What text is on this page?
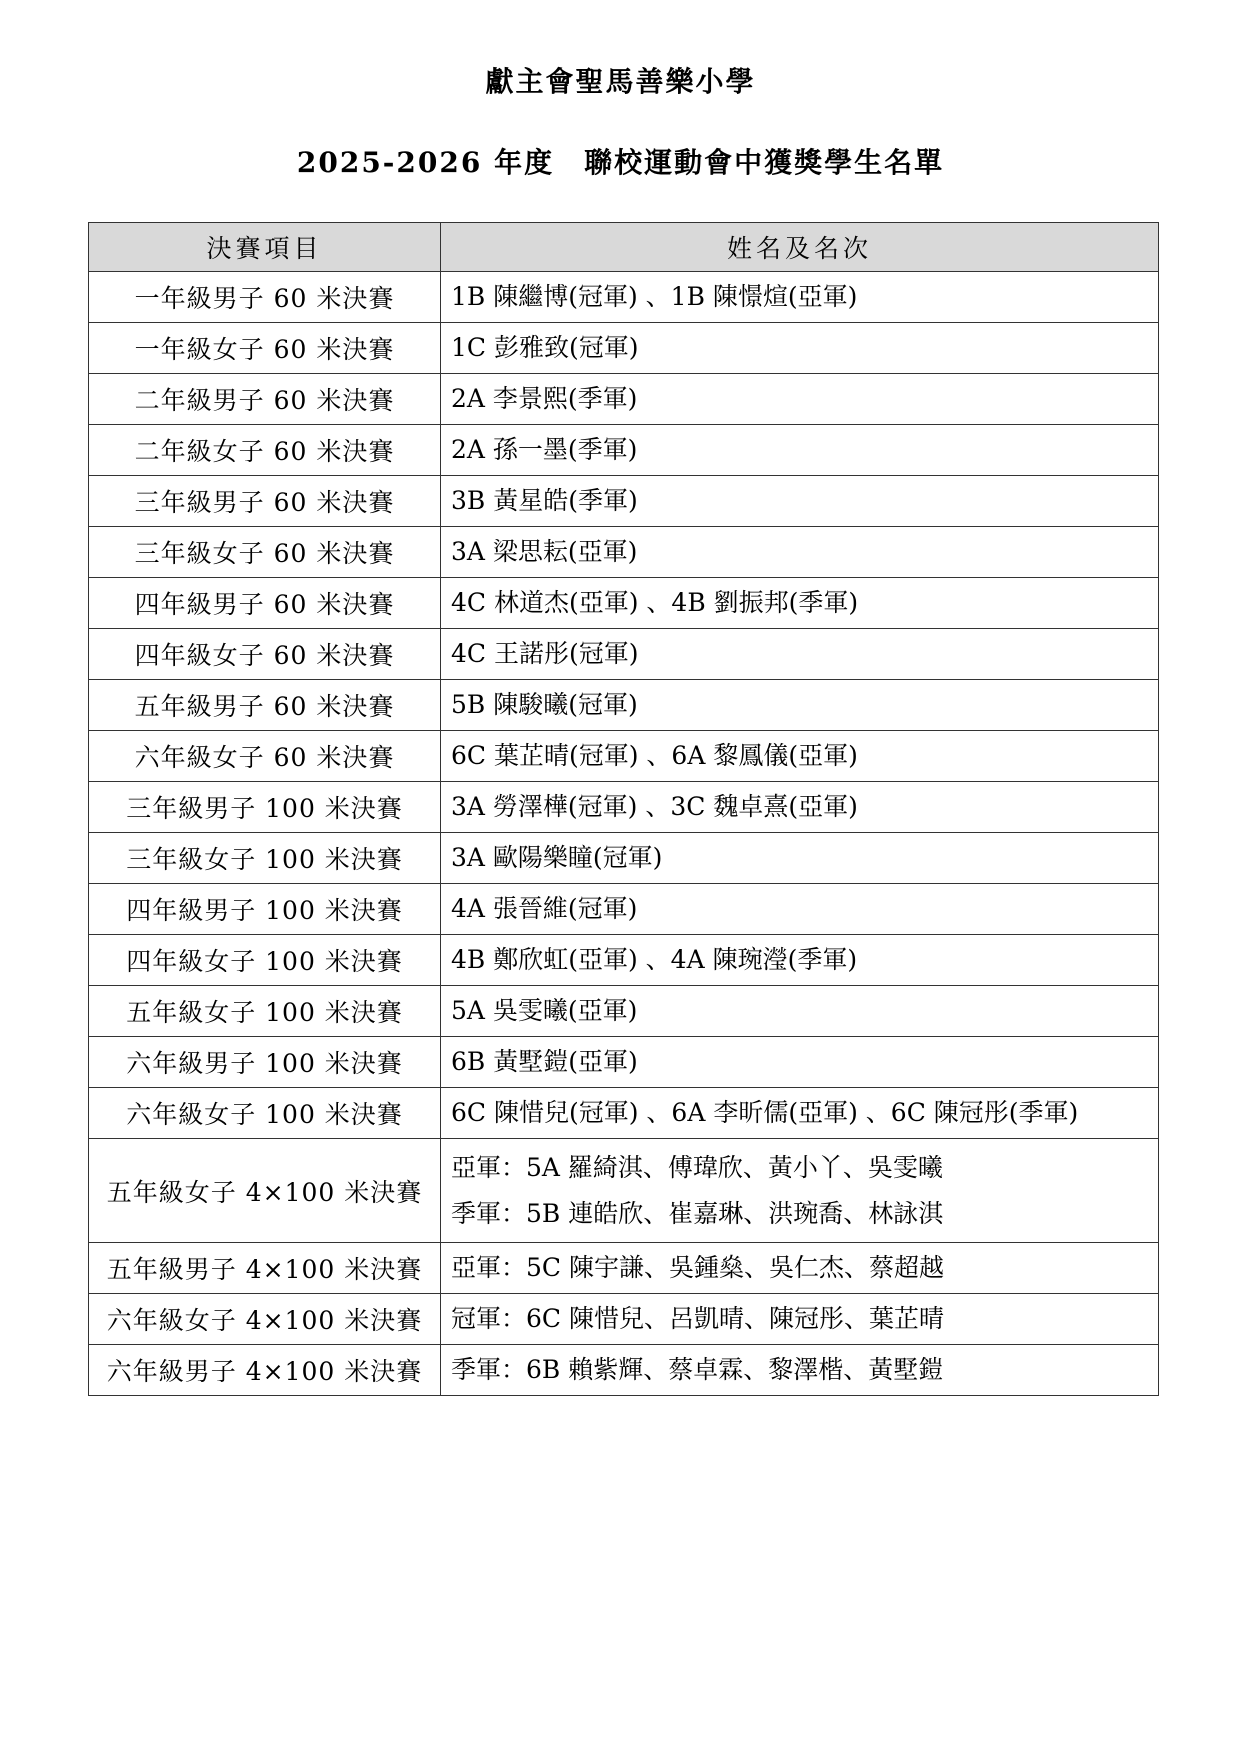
獻主會聖馬善樂小學
2025-2026 年度　聯校運動會中獲獎學生名單
決賽項目	姓名及名次
一年級男子 60 米決賽	1B 陳繼博(冠軍) 、1B 陳憬煊(亞軍)

一年級女子 60 米決賽	1C 彭雅致(冠軍)

二年級男子 60 米決賽	2A 李景熙(季軍)

二年級女子 60 米決賽	2A 孫一墨(季軍)

三年級男子 60 米決賽	3B 黃星皓(季軍)

三年級女子 60 米決賽	3A 梁思耘(亞軍)

四年級男子 60 米決賽	4C 林道杰(亞軍) 、4B 劉振邦(季軍)

四年級女子 60 米決賽	4C 王諾彤(冠軍)

五年級男子 60 米決賽	5B 陳駿曦(冠軍)

六年級女子 60 米決賽	6C 葉芷晴(冠軍) 、6A 黎鳳儀(亞軍)

三年級男子 100 米決賽	3A 勞澤樺(冠軍) 、3C 魏卓熹(亞軍)

三年級女子 100 米決賽	3A 歐陽樂瞳(冠軍)

四年級男子 100 米決賽	4A 張晉維(冠軍)

四年級女子 100 米決賽	4B 鄭欣虹(亞軍) 、4A 陳琬瀅(季軍)

五年級女子 100 米決賽	5A 吳雯曦(亞軍)

六年級男子 100 米決賽	6B 黃墅鎧(亞軍)

六年級女子 100 米決賽	6C 陳惜兒(冠軍) 、6A 李昕儒(亞軍) 、6C 陳冠彤(季軍)

五年級女子 4×100 米決賽	亞軍：5A 羅綺淇、傅瑋欣、黃小丫、吳雯曦
季軍：5B 連皓欣、崔嘉琳、洪琬喬、林詠淇

五年級男子 4×100 米決賽	亞軍：5C 陳宇謙、吳鍾燊、吳仁杰、蔡超越

六年級女子 4×100 米決賽	冠軍：6C 陳惜兒、呂凱晴、陳冠彤、葉芷晴

六年級男子 4×100 米決賽	季軍：6B 賴紫輝、蔡卓霖、黎澤楷、黃墅鎧
